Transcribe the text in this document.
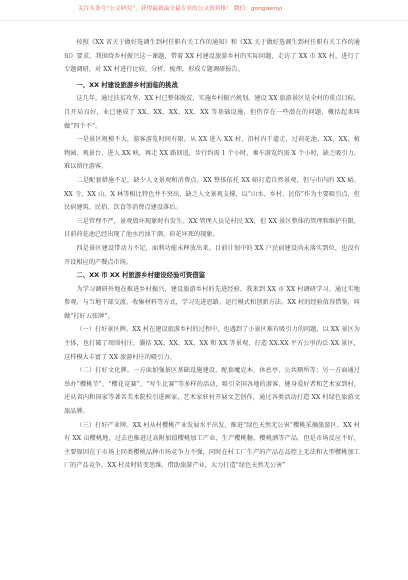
关注头条号“公文研究”，获得最新最全最专业的公文资料推！ 微信：gongwenyi

按照《XX 省关于做好选调生到村任职有关工作的通知》和《XX 关于做好选调生到村任职有关工作的通知》要求，我围绕乡村振兴这一课题，带着 XX 村建设旅游乡村的实际问题，走访了 XX 市 XX 村，进行了专题调研，对 XX 村进行比较、分析、梳理，形成专题调研报告。

一、XX 村建设旅游乡村面临的挑战

这几年，通过扶贫攻坚，XX 村已整体脱贫，实施乡村振兴规划，建设 XX 旅游景区是全村的重点目标，且开局良好，业已建成了 XX、XX、XX、XX、XX 等基础设施，但仍存在一些潜在的问题，概括起来叫做“四个不”。

一是景区规模不大，游客游览时间有限。从 XX 进入 XX 村，沿村内干道走，过荷花池、XX、XX、植物园、观景台，进入 XX 峡，再走 XX 路回返，步行约需 1 个小时，乘车游览约需 X 个小时，缺乏吸引力，难以留住游客。

二是配套措施不足，缺少人文景观和消费点。XX 整体依托 XX 峪打造自然景观，但与市内的 XX 峪、XX 寺、XX 山、X 林等相比特色并不突出，缺乏人文景观支撑，以“山水、乡村、民俗”作为主要吸引点，但民宿建筑、民俗、饮食等消费点建设落后。

三是管理不严，景观毁坏现象时有发生。XX 管理人员是村民 XX，但 XX 景区整体的管理和维护有限，目前荷花池已经出现了池水污浊干涸、荷花坏死的现象。

四是景区建设带动力不足，面利功能未释放出来。目前计划中的 XX 户民宿建设尚未落实到位，也没有开设相应的产餐点市场。

二、XX 市 XX 村旅游乡村建设经验可资借鉴

为学习调研外地在推进乡村振兴，建设旅游乡村的先进经验，我来到 XX 市 XX 村调研学习。通过实地参观、与当地干部交流、收集材料等方式，学习先进思路、运行模式和创新方法。XX 村的经验值得借鉴，叫做“打好五张牌”。

（一）打好景区牌。XX 村在建设旅游乡村的过程中，也遇到了小景区难有吸引力的问题，以 XX 景区为主体，也打破了周围村庄，囊括 XX、XX、XX、XX 和 XX 等景观，打造 XX.XX 平方公里的泛 XX 景区，这样模大丰富了 XX 旅游村庄的吸引力。

（二）打好文化牌。一方面加强景区基础设施建设，配套魔克本、休息亭、公共厕所等；另一方面通过举办“樱桃节”、“樱花竞赛”、“写生比赛”等多样的活动，吸引全国各地的游客、健身爱好者和艺术家到村，还从省内和国家等著名美术院校引进画家，艺术家驻村开展文艺创作，通过各类活动打造 XX 村绿色旅游文旅品牌。

（三）打好产业牌。XX 村从村樱桃产业发展水平出发，推进“绿色天然无公害”樱桃采摘旅游区。XX 村有 XX 亩樱桃地，过去也推进过高附加值樱桃加工产业，生产樱桃糖、樱桃酒等产品，但是市场反应不好，主要原因在于市场上同类樱桃品种市场竞争力不强，同时在村工厂生产的产品在品控上无法和大型樱桃加工厂的产品竞争。XX 村及时转变思维，借助旅游产业，大力打造“绿色天然无公害”
